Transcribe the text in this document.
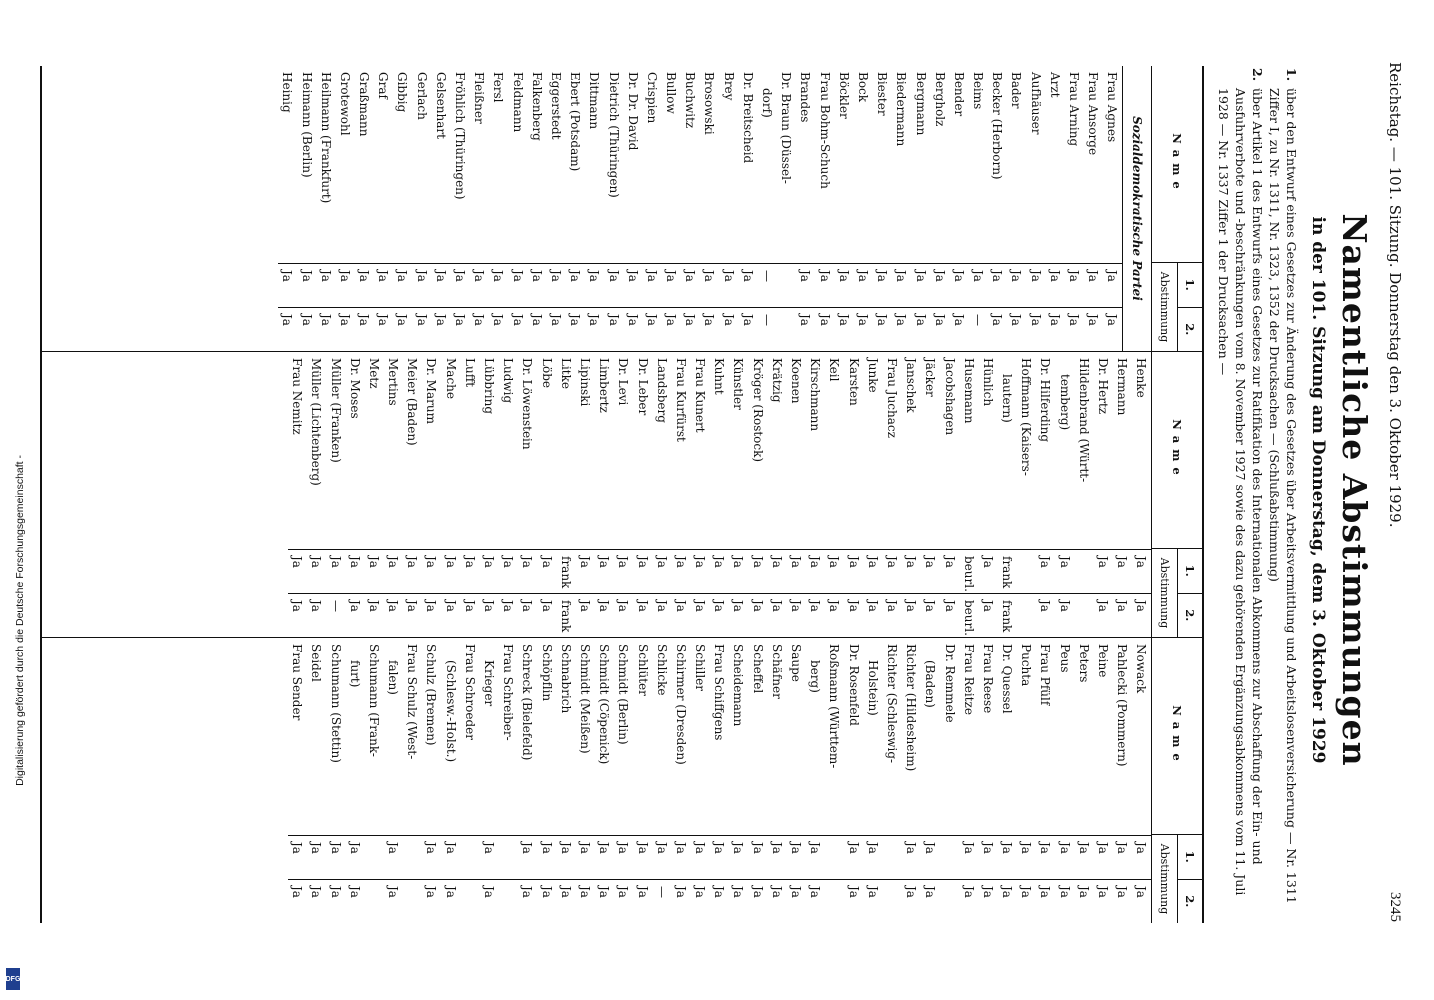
Reichstag. — 101. Sitzung. Donnerstag den 3. Oktober 1929.
3245
Namentliche Abstimmungen
in der 101. Sitzung am Donnerstag, dem 3. Oktober 1929
1.
über den Entwurf eines Gesetzes zur Änderung des Gesetzes über Arbeitsvermittlung und Arbeitslosenversicherung — Nr. 1311 Ziffer I, zu Nr. 1311, Nr. 1323, 1352 der Drucksachen — (Schlußabstimmung)
2.
über Artikel 1 des Entwurfs eines Gesetzes zur Ratifikation des Internationalen Abkommens zur Abschaffung der Ein- und Ausfuhrverbote und -beschränkungen vom 8. November 1927 sowie des dazu gehörenden Ergänzungsabkommens vom 11. Juli 1928 — Nr. 1337 Ziffer 1 der Drucksachen —
Name
1.
2.
Abstimmung
Sozialdemokratische Partei
Frau Agnes
Ja
Ja
Frau Ansorge
Ja
Ja
Frau Arning
Ja
Ja
Arzt
Ja
Ja
Aufhäuser
Ja
Ja
Bader
Ja
Ja
Becker (Herborn)
Ja
Ja
Beims
Ja
—
Bender
Ja
Ja
Bergholz
Ja
Ja
Bergmann
Ja
Ja
Biedermann
Ja
Ja
Biester
Ja
Ja
Bock
Ja
Ja
Böckler
Ja
Ja
Frau Bohm-Schuch
Ja
Ja
Brandes
Ja
Ja
Dr. Braun (Düssel-
dorf)
—
—
Dr. Breitscheid
Ja
Ja
Brey
Ja
Ja
Brosowski
Ja
Ja
Buchwitz
Ja
Ja
Bullow
Ja
Ja
Crispien
Ja
Ja
Dr. Dr. David
Ja
Ja
Dietrich (Thüringen)
Ja
Ja
Dittmann
Ja
Ja
Ebert (Potsdam)
Ja
Ja
Eggerstedt
Ja
Ja
Falkenberg
Ja
Ja
Feldmann
Ja
Ja
Fersl
Ja
Ja
Fleißner
Ja
Ja
Fröhlich (Thüringen)
Ja
Ja
Gelsenhart
Ja
Ja
Gerlach
Ja
Ja
Gibbig
Ja
Ja
Graf
Ja
Ja
Graßmann
Ja
Ja
Grotewohl
Ja
Ja
Heilmann (Frankfurt)
Ja
Ja
Heimann (Berlin)
Ja
Ja
Heinig
Ja
Ja
Name
1.
2.
Abstimmung
Henke
Ja
Ja
Hermann
Ja
Ja
Dr. Hertz
Ja
Ja
Hildenbrand (Württ-
temberg)
Ja
Ja
Dr. Hilferding
Ja
Ja
Hoffmann (Kaisers-
lautern)
frank
frank
Hünlich
Ja
Ja
Husemann
beurl.
beurl.
Jacobshagen
Ja
Ja
Jäcker
Ja
Ja
Janschek
Ja
Ja
Frau Juchacz
Ja
Ja
Junke
Ja
Ja
Karsten
Ja
Ja
Keil
Ja
Ja
Kirschmann
Ja
Ja
Koenen
Ja
Ja
Krätzig
Ja
Ja
Kröger (Rostock)
Ja
Ja
Künstler
Ja
Ja
Kuhnt
Ja
Ja
Frau Kunert
Ja
Ja
Frau Kurfürst
Ja
Ja
Landsberg
Ja
Ja
Dr. Leber
Ja
Ja
Dr. Levi
Ja
Ja
Limbertz
Ja
Ja
Lipinski
Ja
Ja
Litke
frank
frank
Löbe
Ja
Ja
Dr. Löwenstein
Ja
Ja
Ludwig
Ja
Ja
Lübbring
Ja
Ja
Lufft
Ja
Ja
Mache
Ja
Ja
Dr. Marum
Ja
Ja
Meier (Baden)
Ja
Ja
Mertins
Ja
Ja
Metz
Ja
Ja
Dr. Moses
Ja
Ja
Müller (Franken)
Ja
—
Müller (Lichtenberg)
Ja
Ja
Frau Nemitz
Ja
Ja
Name
1.
2.
Abstimmung
Nowack
Ja
Ja
Pahlecki (Pommern)
Ja
Ja
Peine
Ja
Ja
Peters
Ja
Ja
Peus
Ja
Ja
Frau Pfülf
Ja
Ja
Puchta
Ja
Ja
Dr. Quessel
Ja
Ja
Frau Reese
Ja
Ja
Frau Reitze
Ja
Ja
Dr. Remmele
(Baden)
Ja
Ja
Richter (Hildesheim)
Ja
Ja
Richter (Schleswig-
Holstein)
Ja
Ja
Dr. Rosenfeld
Ja
Ja
Roßmann (Württem-
berg)
Ja
Ja
Saupe
Ja
Ja
Schäfner
Ja
Ja
Scheffel
Ja
Ja
Scheidemann
Ja
Ja
Frau Schiffgens
Ja
Ja
Schiller
Ja
Ja
Schirmer (Dresden)
Ja
Ja
Schlicke
Ja
—
Schlüter
Ja
Ja
Schmidt (Berlin)
Ja
Ja
Schmidt (Cöpenick)
Ja
Ja
Schmidt (Meißen)
Ja
Ja
Schnabrich
Ja
Ja
Schöpflin
Ja
Ja
Schreck (Bielefeld)
Ja
Ja
Frau Schreiber-
Krieger
Ja
Ja
Frau Schroeder
(Schlesw.-Holst.)
Ja
Ja
Schulz (Bremen)
Ja
Ja
Frau Schulz (West-
falen)
Ja
Ja
Schumann (Frank-
furt)
Ja
Ja
Schumann (Stettin)
Ja
Ja
Seidel
Ja
Ja
Frau Sender
Ja
Ja
Digitalisierung gefördert durch die Deutsche Forschungsgemeinschaft -
DFG
